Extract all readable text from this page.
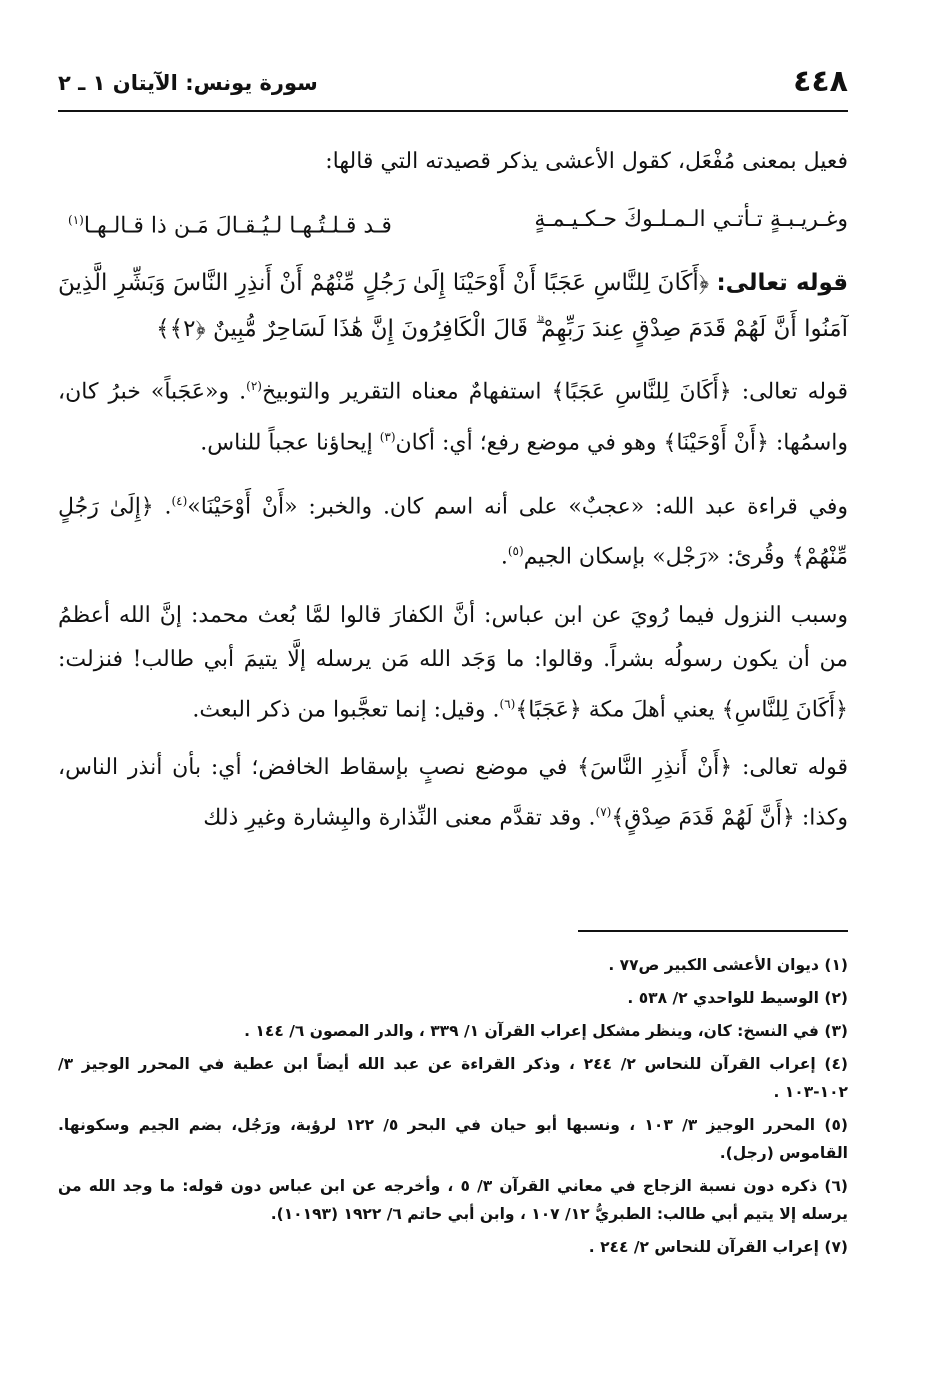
٤٤٨
سورة يونس: الآيتان ١ ـ ٢

فعيل بمعنى مُفْعَل، كقول الأعشى يذكر قصيدته التي قالها:

وغـريـبـةٍ تـأتـي الـمـلـوكَ حـكـيـمـةٍ
قـد قـلـتُـهـا لـيُـقـالَ مَـن ذا قـالـهـا$^{(١)}$

قوله تعالى: ﴿أَكَانَ لِلنَّاسِ عَجَبًا أَنْ أَوْحَيْنَا إِلَىٰ رَجُلٍ مِّنْهُمْ أَنْ أَنذِرِ النَّاسَ وَبَشِّرِ الَّذِينَ آمَنُوا أَنَّ لَهُمْ قَدَمَ صِدْقٍ عِندَ رَبِّهِمْ ۗ قَالَ الْكَافِرُونَ إِنَّ هَٰذَا لَسَاحِرٌ مُّبِينٌ ﴿٢﴾﴾

قوله تعالى: ﴿أَكَانَ لِلنَّاسِ عَجَبًا﴾ استفهامٌ معناه التقرير والتوبيخ$^{(٢)}$. و«عَجَباً» خبرُ كان، واسمُها: ﴿أَنْ أَوْحَيْنَا﴾ وهو في موضع رفع؛ أي: أكان$^{(٣)}$ إيحاؤنا عجباً للناس.

وفي قراءة عبد الله: «عجبٌ» على أنه اسم كان. والخبر: «أَنْ أَوْحَيْنَا»$^{(٤)}$. ﴿إِلَىٰ رَجُلٍ مِّنْهُمْ﴾ وقُرئ: «رَجْل» بإسكان الجيم$^{(٥)}$.

وسبب النزول فيما رُويَ عن ابن عباس: أنَّ الكفارَ قالوا لمَّا بُعث محمد: إنَّ الله أعظمُ من أن يكون رسولُه بشراً. وقالوا: ما وَجَد الله مَن يرسله إلَّا يتيمَ أبي طالب! فنزلت: ﴿أَكَانَ لِلنَّاسِ﴾ يعني أهلَ مكة ﴿عَجَبًا﴾$^{(٦)}$. وقيل: إنما تعجَّبوا من ذكر البعث.

قوله تعالى: ﴿أَنْ أَنذِرِ النَّاسَ﴾ في موضع نصبٍ بإسقاط الخافض؛ أي: بأن أنذر الناس، وكذا: ﴿أَنَّ لَهُمْ قَدَمَ صِدْقٍ﴾$^{(٧)}$. وقد تقدَّم معنى النِّذارة والبِشارة وغيرِ ذلك

(١) ديوان الأعشى الكبير ص٧٧ .

(٢) الوسيط للواحدي ٢/ ٥٣٨ .

(٣) في النسخ: كان، وينظر مشكل إعراب القرآن ١/ ٣٣٩ ، والدر المصون ٦/ ١٤٤ .

(٤) إعراب القرآن للنحاس ٢/ ٢٤٤ ، وذكر القراءة عن عبد الله أيضاً ابن عطية في المحرر الوجيز ٣/ ١٠٢-١٠٣ .

(٥) المحرر الوجيز ٣/ ١٠٣ ، ونسبها أبو حيان في البحر ٥/ ١٢٢ لرؤبة، ورَجُل، بضم الجيم وسكونها. القاموس (رجل).

(٦) ذكره دون نسبة الزجاج في معاني القرآن ٣/ ٥ ، وأخرجه عن ابن عباس دون قوله: ما وجد الله من يرسله إلا يتيم أبي طالب: الطبريُّ ١٢/ ١٠٧ ، وابن أبي حاتم ٦/ ١٩٢٢ (١٠١٩٣).

(٧) إعراب القرآن للنحاس ٢/ ٢٤٤ .
